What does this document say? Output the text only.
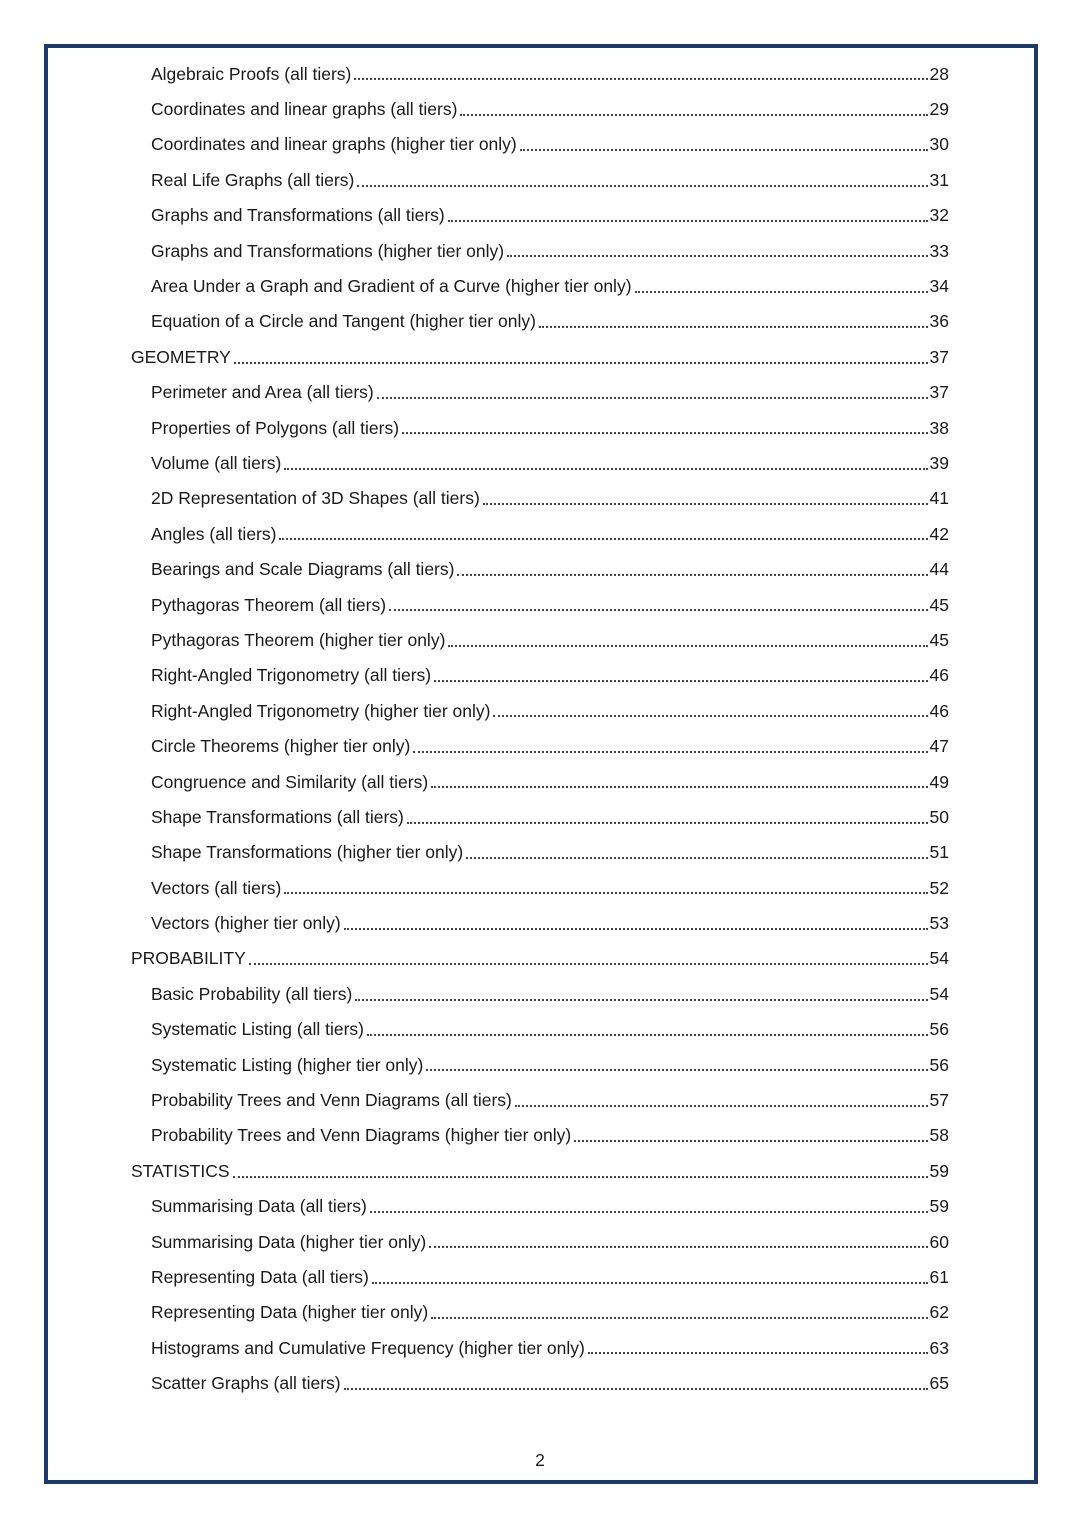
Algebraic Proofs (all tiers)	28
Coordinates and linear graphs (all tiers)	29
Coordinates and linear graphs (higher tier only)	30
Real Life Graphs (all tiers)	31
Graphs and Transformations (all tiers)	32
Graphs and Transformations (higher tier only)	33
Area Under a Graph and Gradient of a Curve (higher tier only)	34
Equation of a Circle and Tangent (higher tier only)	36
GEOMETRY	37
Perimeter and Area (all tiers)	37
Properties of Polygons (all tiers)	38
Volume (all tiers)	39
2D Representation of 3D Shapes (all tiers)	41
Angles (all tiers)	42
Bearings and Scale Diagrams (all tiers)	44
Pythagoras Theorem (all tiers)	45
Pythagoras Theorem (higher tier only)	45
Right-Angled Trigonometry (all tiers)	46
Right-Angled Trigonometry (higher tier only)	46
Circle Theorems (higher tier only)	47
Congruence and Similarity (all tiers)	49
Shape Transformations (all tiers)	50
Shape Transformations (higher tier only)	51
Vectors (all tiers)	52
Vectors (higher tier only)	53
PROBABILITY	54
Basic Probability (all tiers)	54
Systematic Listing (all tiers)	56
Systematic Listing (higher tier only)	56
Probability Trees and Venn Diagrams (all tiers)	57
Probability Trees and Venn Diagrams (higher tier only)	58
STATISTICS	59
Summarising Data (all tiers)	59
Summarising Data (higher tier only)	60
Representing Data (all tiers)	61
Representing Data (higher tier only)	62
Histograms and Cumulative Frequency (higher tier only)	63
Scatter Graphs (all tiers)	65
2
